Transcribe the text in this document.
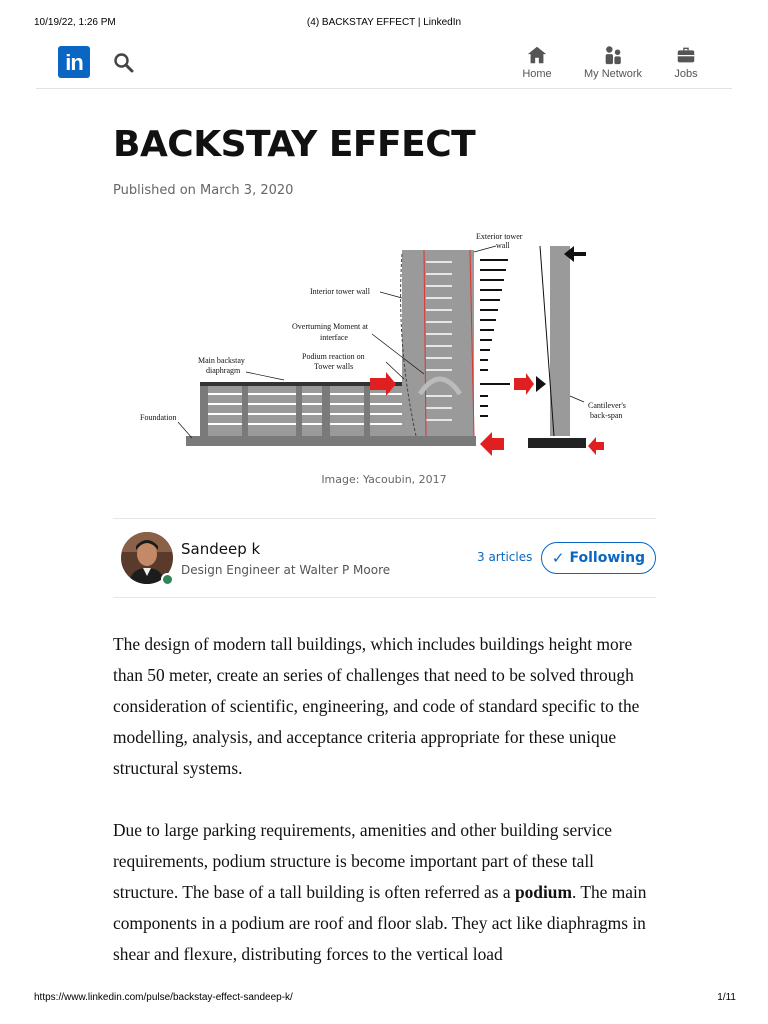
10/19/22, 1:26 PM	(4) BACKSTAY EFFECT | LinkedIn
in	Home	My Network	Jobs
BACKSTAY EFFECT
Published on March 3, 2020
Exterior tower
wall
Interior tower wall
Overturning Moment at
interface
Podium reaction on
Tower walls
Main backstay
diaphragm
Foundation
Cantilever's
back-span
Image: Yacoubin, 2017
Sandeep k
Design Engineer at Walter P Moore
3 articles ✓ Following

The design of modern tall buildings, which includes buildings height more than 50 meter, create an series of challenges that need to be solved through consideration of scientific, engineering, and code of standard specific to the modelling, analysis, and acceptance criteria appropriate for these unique structural systems.

Due to large parking requirements, amenities and other building service requirements, podium structure is become important part of these tall structure. The base of a tall building is often referred as a podium. The main components in a podium are roof and floor slab. They act like diaphragms in shear and flexure, distributing forces to the vertical load

https://www.linkedin.com/pulse/backstay-effect-sandeep-k/	1/11
